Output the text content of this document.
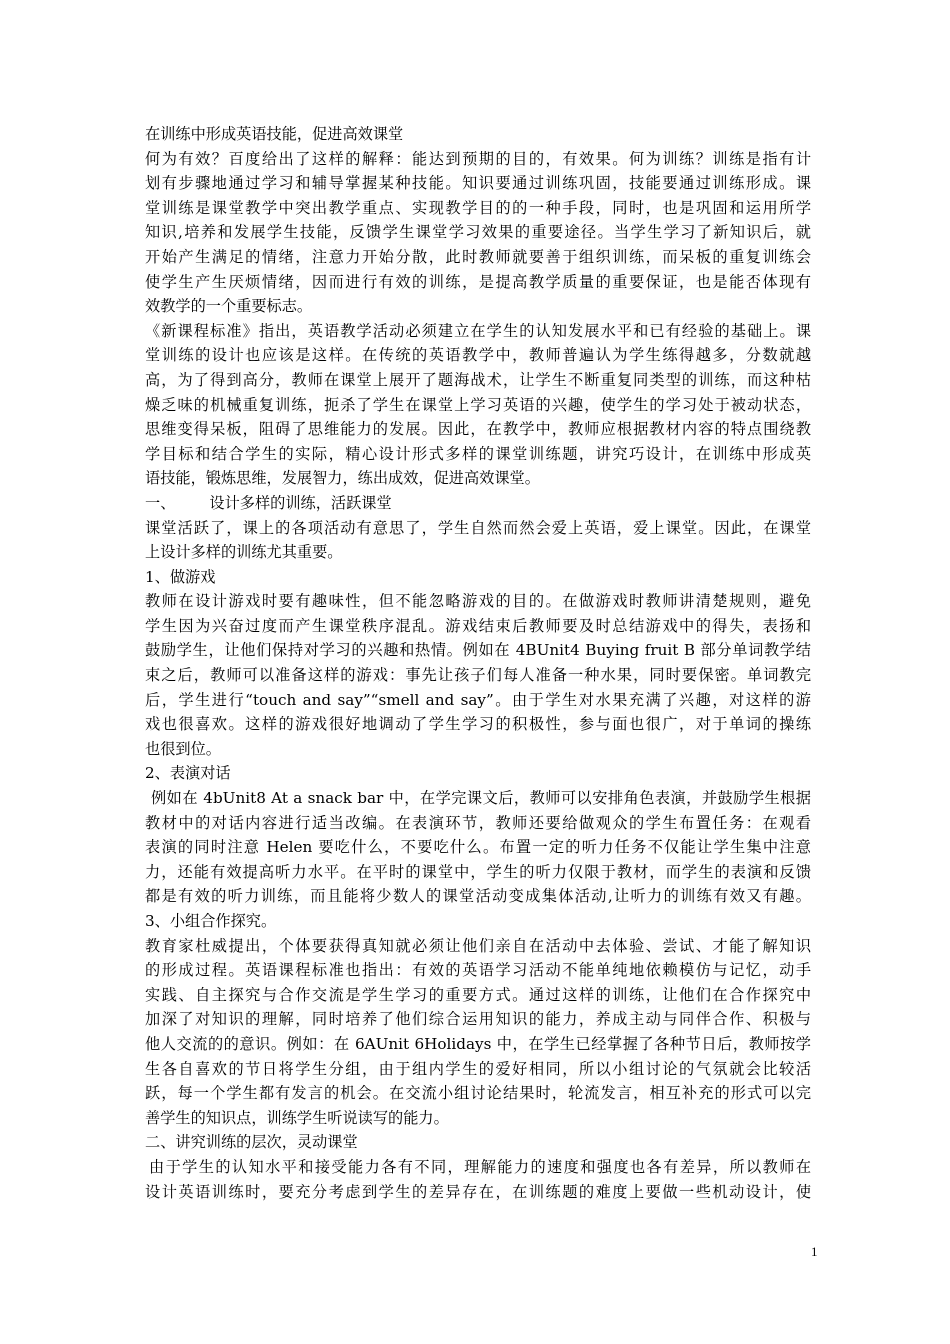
在训练中形成英语技能，促进高效课堂

何为有效？百度给出了这样的解释：能达到预期的目的，有效果。何为训练？训练是指有计

划有步骤地通过学习和辅导掌握某种技能。知识要通过训练巩固，技能要通过训练形成。课

堂训练是课堂教学中突出教学重点、实现教学目的的一种手段，同时，也是巩固和运用所学

知识,培养和发展学生技能，反馈学生课堂学习效果的重要途径。当学生学习了新知识后，就

开始产生满足的情绪，注意力开始分散，此时教师就要善于组织训练，而呆板的重复训练会

使学生产生厌烦情绪，因而进行有效的训练，是提高教学质量的重要保证，也是能否体现有

效教学的一个重要标志。

《新课程标准》指出，英语教学活动必须建立在学生的认知发展水平和已有经验的基础上。课

堂训练的设计也应该是这样。在传统的英语教学中，教师普遍认为学生练得越多，分数就越

高，为了得到高分，教师在课堂上展开了题海战术，让学生不断重复同类型的训练，而这种枯

燥乏味的机械重复训练，扼杀了学生在课堂上学习英语的兴趣，使学生的学习处于被动状态，

思维变得呆板，阻碍了思维能力的发展。因此，在教学中，教师应根据教材内容的特点围绕教

学目标和结合学生的实际，精心设计形式多样的课堂训练题，讲究巧设计，在训练中形成英

语技能，锻炼思维，发展智力，练出成效，促进高效课堂。

一、 设计多样的训练，活跃课堂

课堂活跃了，课上的各项活动有意思了，学生自然而然会爱上英语，爱上课堂。因此，在课堂

上设计多样的训练尤其重要。

1、做游戏

教师在设计游戏时要有趣味性，但不能忽略游戏的目的。在做游戏时教师讲清楚规则，避免

学生因为兴奋过度而产生课堂秩序混乱。游戏结束后教师要及时总结游戏中的得失，表扬和

鼓励学生，让他们保持对学习的兴趣和热情。例如在 4BUnit4 Buying fruit B 部分单词教学结

束之后，教师可以准备这样的游戏：事先让孩子们每人准备一种水果，同时要保密。单词教完

后，学生进行“touch and say”“smell and say”。由于学生对水果充满了兴趣，对这样的游

戏也很喜欢。这样的游戏很好地调动了学生学习的积极性，参与面也很广，对于单词的操练

也很到位。

2、表演对话

例如在 4bUnit8 At a snack bar 中，在学完课文后，教师可以安排角色表演，并鼓励学生根据

教材中的对话内容进行适当改编。在表演环节，教师还要给做观众的学生布置任务：在观看

表演的同时注意 Helen 要吃什么，不要吃什么。布置一定的听力任务不仅能让学生集中注意

力，还能有效提高听力水平。在平时的课堂中，学生的听力仅限于教材，而学生的表演和反馈

都是有效的听力训练，而且能将少数人的课堂活动变成集体活动,让听力的训练有效又有趣。

3、小组合作探究。

教育家杜威提出，个体要获得真知就必须让他们亲自在活动中去体验、尝试、才能了解知识

的形成过程。英语课程标准也指出：有效的英语学习活动不能单纯地依赖模仿与记忆，动手

实践、自主探究与合作交流是学生学习的重要方式。通过这样的训练，让他们在合作探究中

加深了对知识的理解，同时培养了他们综合运用知识的能力，养成主动与同伴合作、积极与

他人交流的的意识。例如：在 6AUnit 6Holidays 中，在学生已经掌握了各种节日后，教师按学

生各自喜欢的节日将学生分组，由于组内学生的爱好相同，所以小组讨论的气氛就会比较活

跃，每一个学生都有发言的机会。在交流小组讨论结果时，轮流发言，相互补充的形式可以完

善学生的知识点，训练学生听说读写的能力。

二、讲究训练的层次，灵动课堂

由于学生的认知水平和接受能力各有不同，理解能力的速度和强度也各有差异，所以教师在

设计英语训练时，要充分考虑到学生的差异存在，在训练题的难度上要做一些机动设计，使

1
